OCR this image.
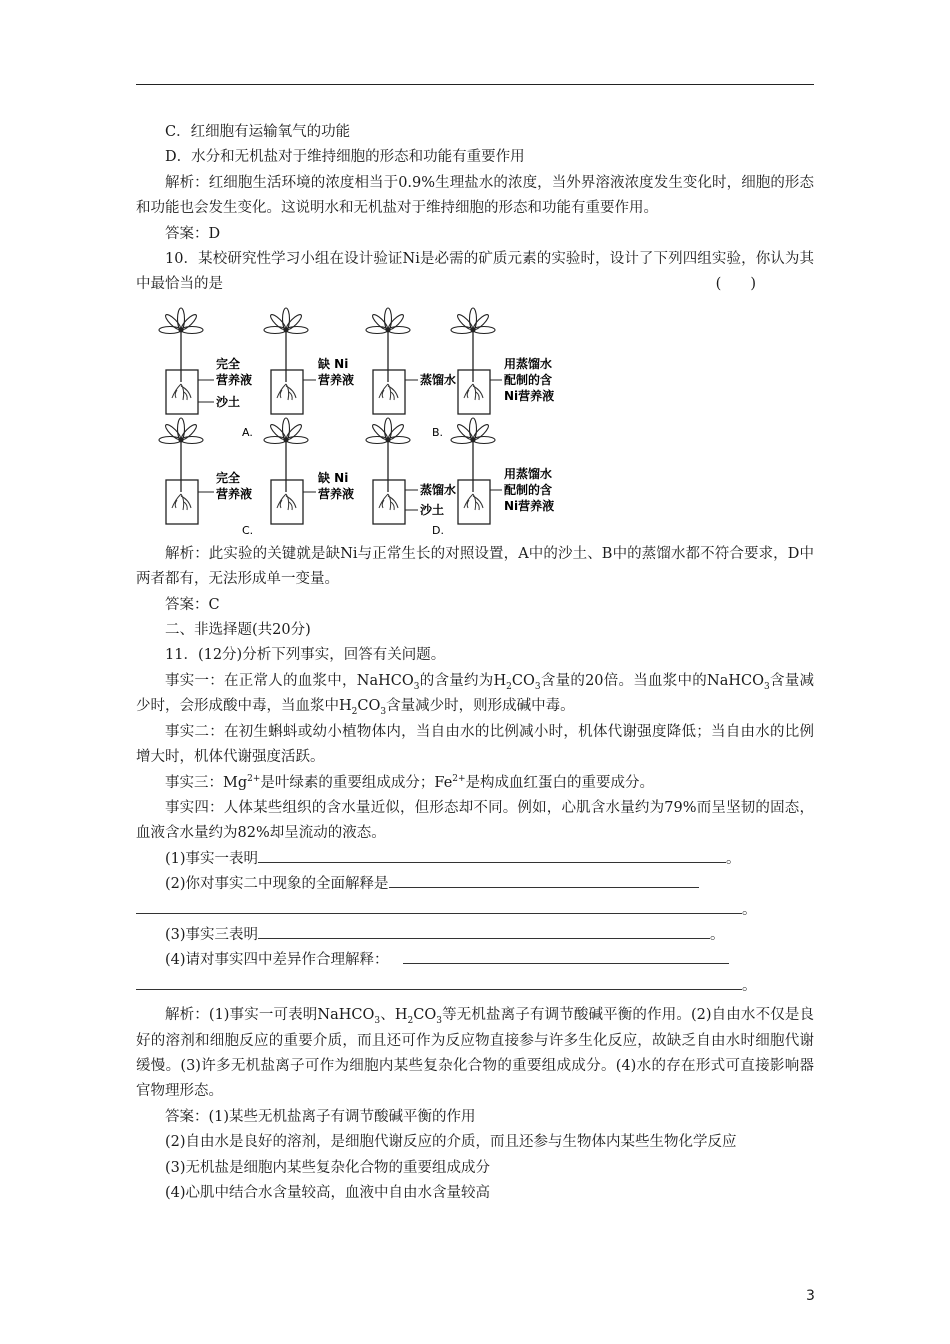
C．红细胞有运输氧气的功能

D．水分和无机盐对于维持细胞的形态和功能有重要作用

解析：红细胞生活环境的浓度相当于0.9%生理盐水的浓度，当外界溶液浓度发生变化时，细胞的形态和功能也会发生变化。这说明水和无机盐对于维持细胞的形态和功能有重要作用。

答案：D

10．某校研究性学习小组在设计验证Ni是必需的矿质元素的实验时，设计了下列四组实验，你认为其中最恰当的是	(　　)

完全
营养液
沙土
缺 Ni
营养液
A.
蒸馏水
用蒸馏水
配制的含
Ni营养液
B.
完全
营养液
缺 Ni
营养液
C.
蒸馏水
沙土
用蒸馏水
配制的含
Ni营养液
D.

解析：此实验的关键就是缺Ni与正常生长的对照设置，A中的沙土、B中的蒸馏水都不符合要求，D中两者都有，无法形成单一变量。

答案：C

二、非选择题(共20分)

11．(12分)分析下列事实，回答有关问题。

事实一：在正常人的血浆中，NaHCO$_3$的含量约为$H_2CO_3$含量的20倍。当血浆中的NaHCO$_3$含量减少时，会形成酸中毒，当血浆中$H_2CO_3$含量减少时，则形成碱中毒。

事实二：在初生蝌蚪或幼小植物体内，当自由水的比例减小时，机体代谢强度降低；当自由水的比例增大时，机体代谢强度活跃。

事实三：$Mg^{2+}$是叶绿素的重要组成成分；$Fe^{2+}$是构成血红蛋白的重要成分。

事实四：人体某些组织的含水量近似，但形态却不同。例如，心肌含水量约为79%而呈坚韧的固态，血液含水量约为82%却呈流动的液态。

(1)事实一表明	。

(2)你对事实二中现象的全面解释是

。

(3)事实三表明	。

(4)请对事实四中差异作合理解释：

。

解析：(1)事实一可表明NaHCO$_3$、$H_2CO_3$等无机盐离子有调节酸碱平衡的作用。(2)自由水不仅是良好的溶剂和细胞反应的重要介质，而且还可作为反应物直接参与许多生化反应，故缺乏自由水时细胞代谢缓慢。(3)许多无机盐离子可作为细胞内某些复杂化合物的重要组成成分。(4)水的存在形式可直接影响器官物理形态。

答案：(1)某些无机盐离子有调节酸碱平衡的作用

(2)自由水是良好的溶剂，是细胞代谢反应的介质，而且还参与生物体内某些生物化学反应

(3)无机盐是细胞内某些复杂化合物的重要组成成分

(4)心肌中结合水含量较高，血液中自由水含量较高

3
